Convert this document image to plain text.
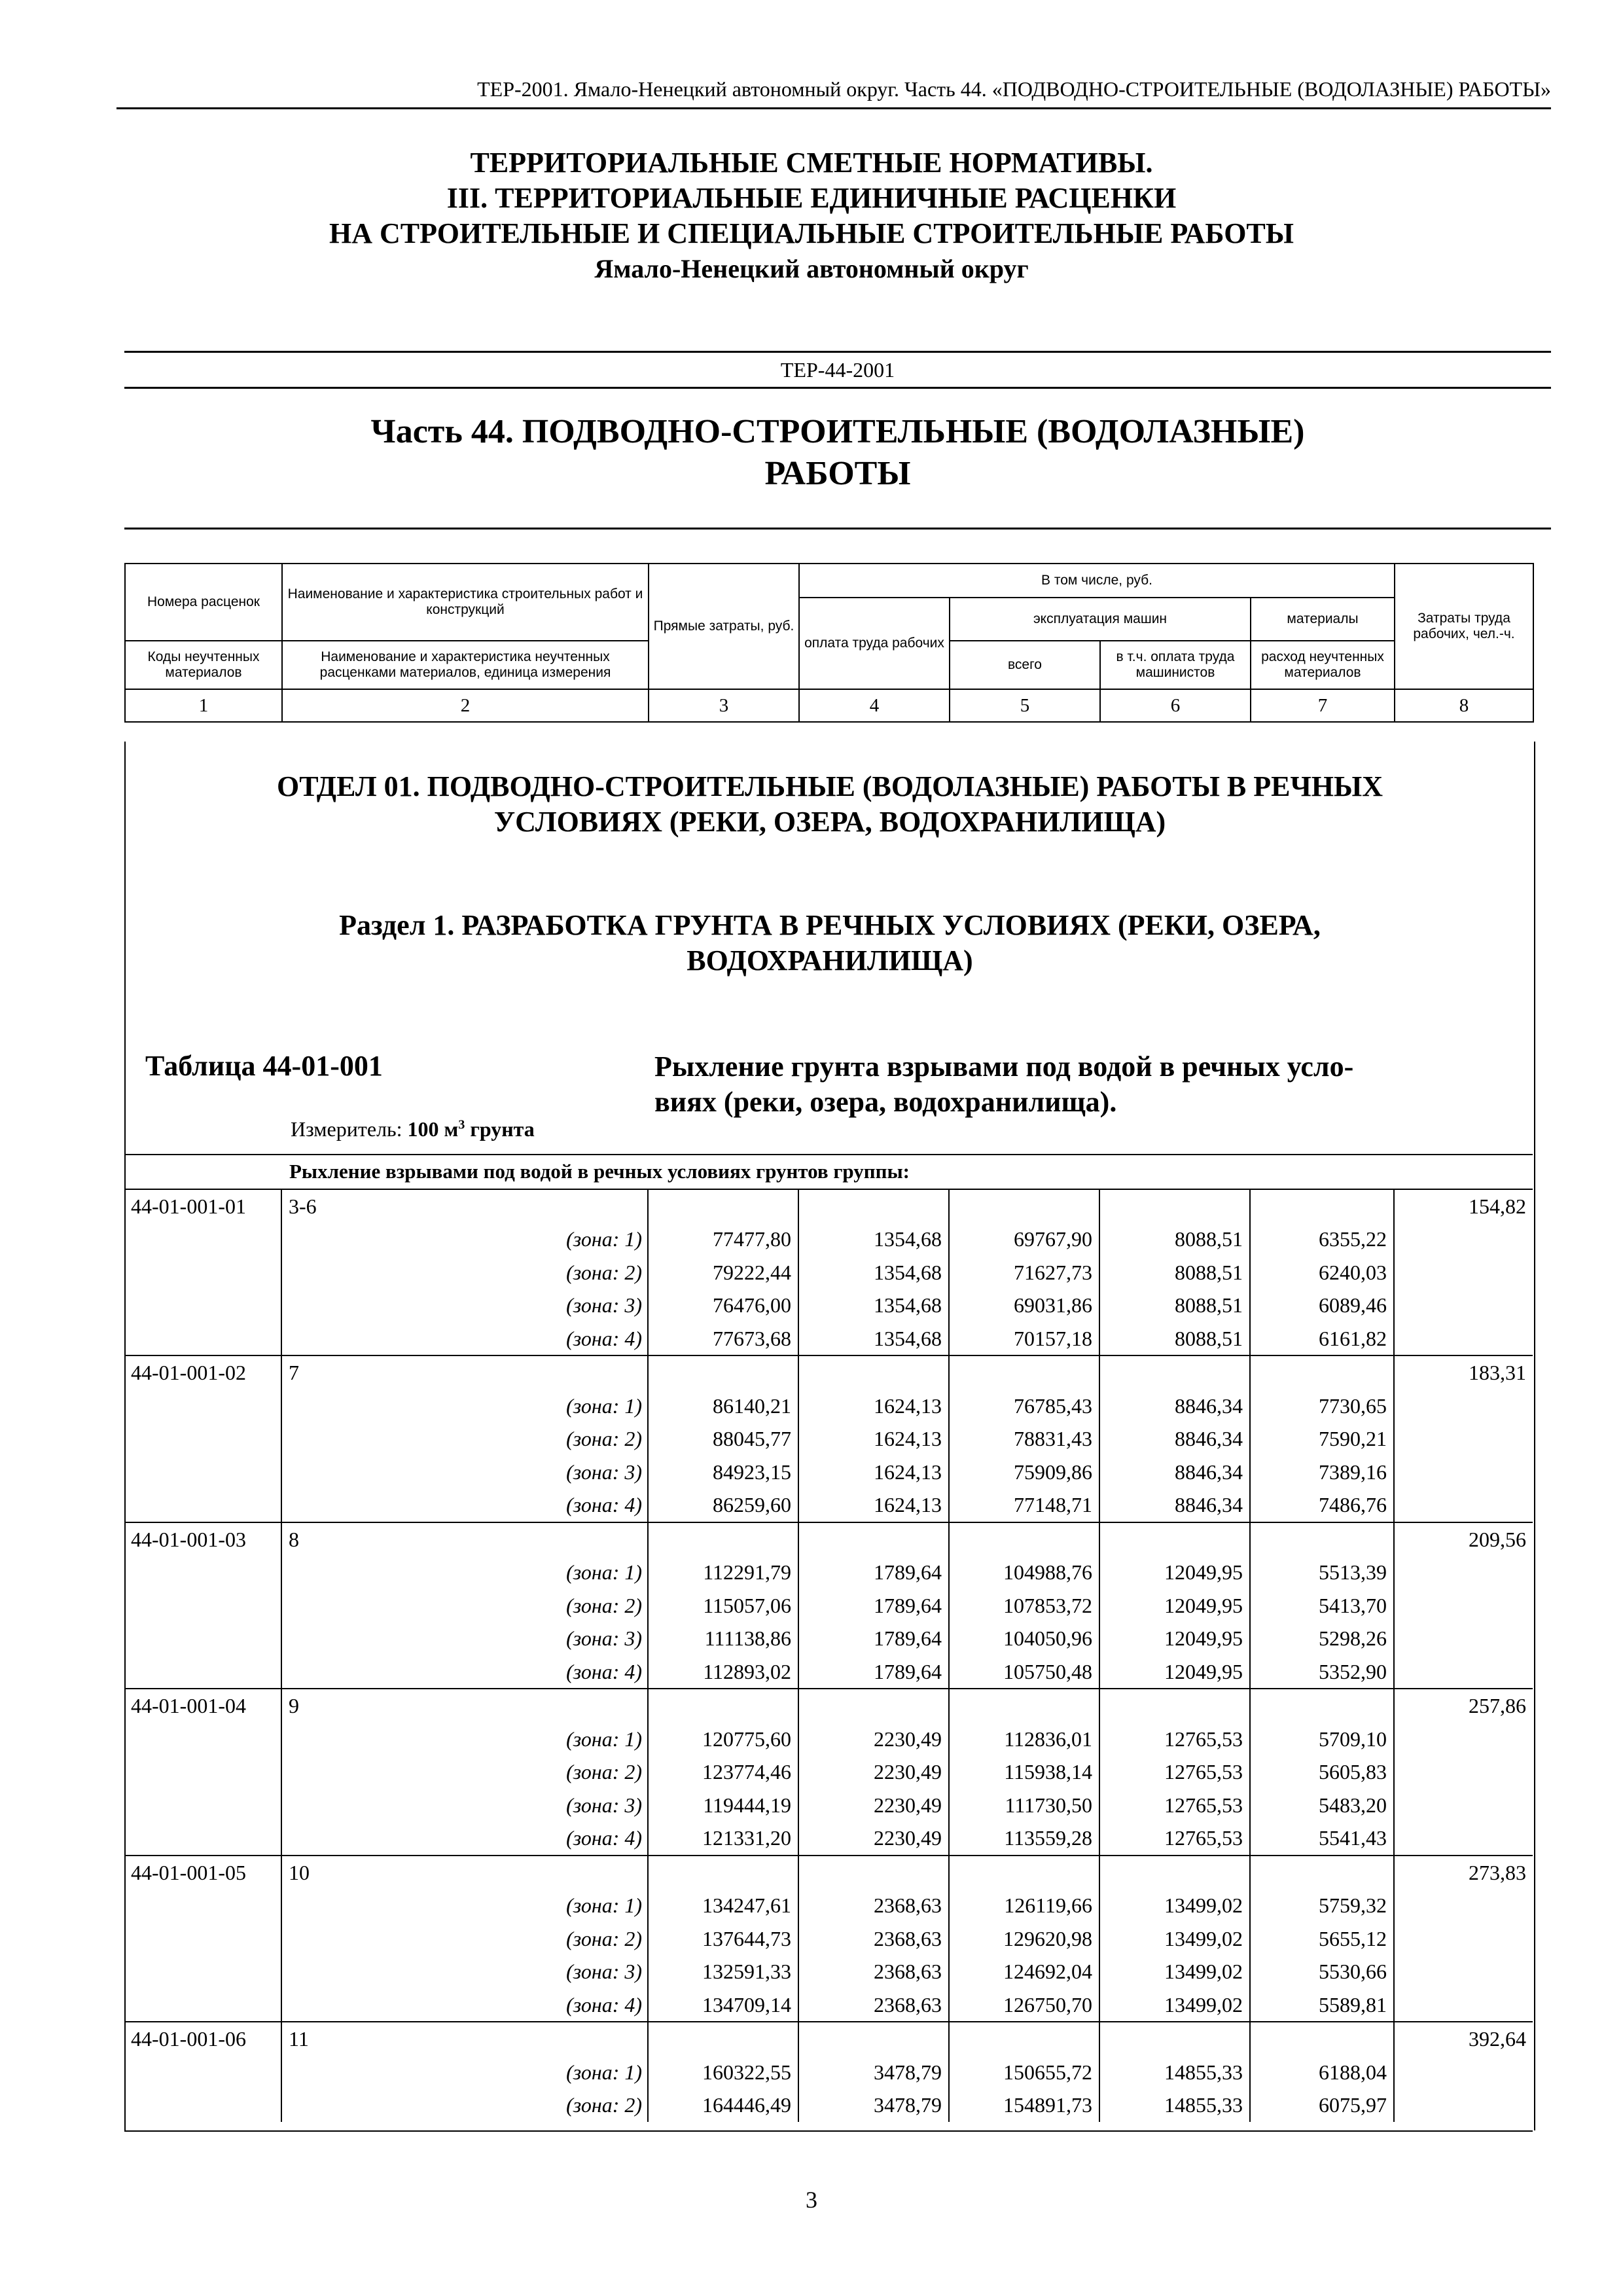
ТЕР-2001. Ямало-Ненецкий автономный округ. Часть 44. «ПОДВОДНО-СТРОИТЕЛЬНЫЕ (ВОДОЛАЗНЫЕ) РАБОТЫ»
ТЕРРИТОРИАЛЬНЫЕ СМЕТНЫЕ НОРМАТИВЫ.
III. ТЕРРИТОРИАЛЬНЫЕ ЕДИНИЧНЫЕ РАСЦЕНКИ
НА СТРОИТЕЛЬНЫЕ И СПЕЦИАЛЬНЫЕ СТРОИТЕЛЬНЫЕ РАБОТЫ
Ямало-Ненецкий автономный округ
ТЕР-44-2001
Часть 44. ПОДВОДНО-СТРОИТЕЛЬНЫЕ (ВОДОЛАЗНЫЕ)
РАБОТЫ
Номера расценок	Наименование и характеристика строительных работ и конструкций	Прямые затраты, руб.	В том числе, руб.				Затраты труда рабочих, чел.-ч.
			оплата труда рабочих	эксплуатация машин		материалы	
Коды неучтенных материалов	Наименование и характеристика неучтенных расценками материалов, единица измерения			всего	в т.ч. оплата труда машинистов	расход неучтенных материалов	
1	2	3	4	5	6	7	8
ОТДЕЛ 01. ПОДВОДНО-СТРОИТЕЛЬНЫЕ (ВОДОЛАЗНЫЕ) РАБОТЫ В РЕЧНЫХ
УСЛОВИЯХ (РЕКИ, ОЗЕРА, ВОДОХРАНИЛИЩА)
Раздел 1. РАЗРАБОТКА ГРУНТА В РЕЧНЫХ УСЛОВИЯХ (РЕКИ, ОЗЕРА,
ВОДОХРАНИЛИЩА)
Таблица 44-01-001	Рыхление грунта взрывами под водой в речных усло-
виях (реки, озера, водохранилища).
Измеритель: 100 $м^3$ грунта
Рыхление взрывами под водой в речных условиях грунтов группы:							
44-01-001-01	3-6						154,82
	(зона: 1)	77477,80	1354,68	69767,90	8088,51	6355,22	
	(зона: 2)	79222,44	1354,68	71627,73	8088,51	6240,03	
	(зона: 3)	76476,00	1354,68	69031,86	8088,51	6089,46	
	(зона: 4)	77673,68	1354,68	70157,18	8088,51	6161,82	
44-01-001-02	7						183,31
	(зона: 1)	86140,21	1624,13	76785,43	8846,34	7730,65	
	(зона: 2)	88045,77	1624,13	78831,43	8846,34	7590,21	
	(зона: 3)	84923,15	1624,13	75909,86	8846,34	7389,16	
	(зона: 4)	86259,60	1624,13	77148,71	8846,34	7486,76	
44-01-001-03	8						209,56
	(зона: 1)	112291,79	1789,64	104988,76	12049,95	5513,39	
	(зона: 2)	115057,06	1789,64	107853,72	12049,95	5413,70	
	(зона: 3)	111138,86	1789,64	104050,96	12049,95	5298,26	
	(зона: 4)	112893,02	1789,64	105750,48	12049,95	5352,90	
44-01-001-04	9						257,86
	(зона: 1)	120775,60	2230,49	112836,01	12765,53	5709,10	
	(зона: 2)	123774,46	2230,49	115938,14	12765,53	5605,83	
	(зона: 3)	119444,19	2230,49	111730,50	12765,53	5483,20	
	(зона: 4)	121331,20	2230,49	113559,28	12765,53	5541,43	
44-01-001-05	10						273,83
	(зона: 1)	134247,61	2368,63	126119,66	13499,02	5759,32	
	(зона: 2)	137644,73	2368,63	129620,98	13499,02	5655,12	
	(зона: 3)	132591,33	2368,63	124692,04	13499,02	5530,66	
	(зона: 4)	134709,14	2368,63	126750,70	13499,02	5589,81	
44-01-001-06	11						392,64
	(зона: 1)	160322,55	3478,79	150655,72	14855,33	6188,04	
	(зона: 2)	164446,49	3478,79	154891,73	14855,33	6075,97	
3
